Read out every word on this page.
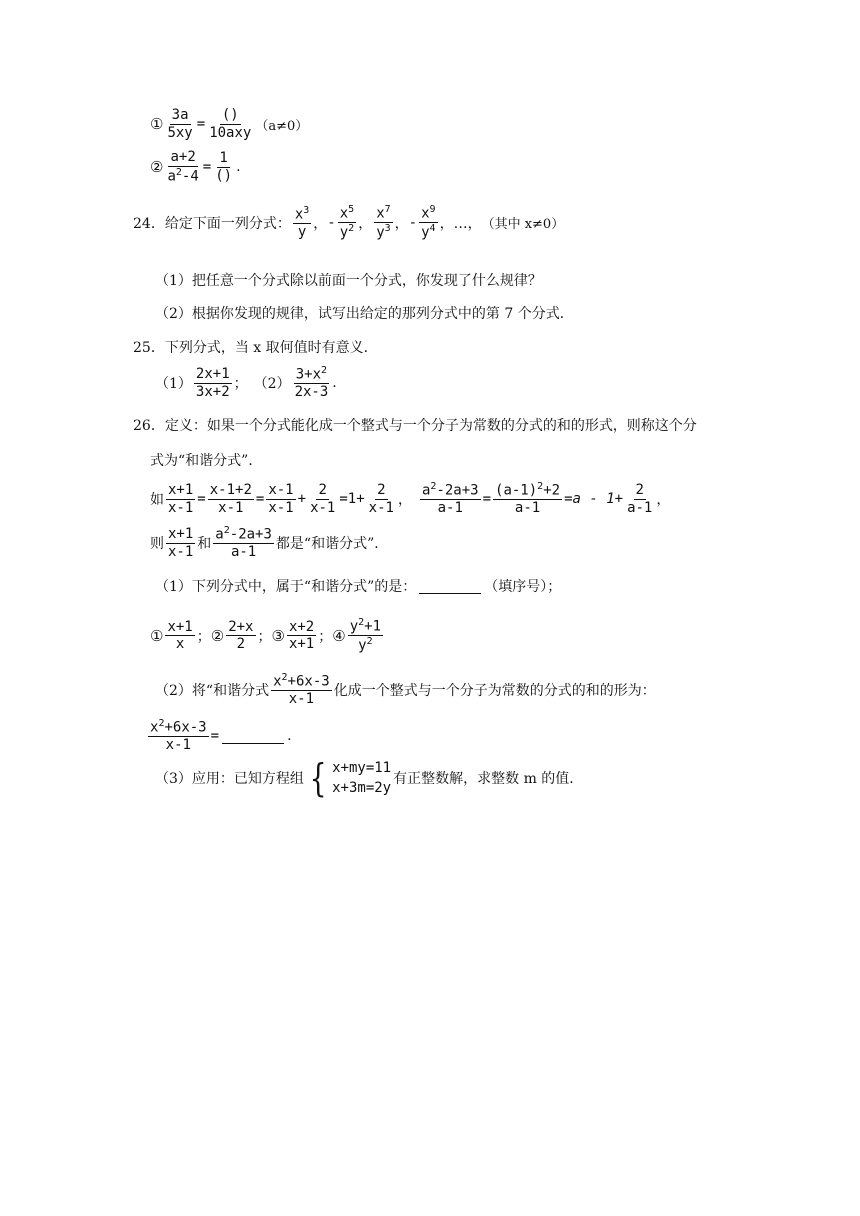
① $\frac{3a}{5xy} = \frac{()}{\text{10axy}} (a\ne 0)$
② $\frac{a+2}{a^2-4} = \frac{1}{()}$ .
24．给定下面一列分式： $\frac{x^3}{y}$ ， - $\frac{x^5}{y^2}$ ， $\frac{x^7}{y^3}$ ， - $\frac{x^9}{y^4}$ ， …， （其中 x≠0）
（1）把任意一个分式除以前面一个分式，你发现了什么规律？
（2）根据你发现的规律，试写出给定的那列分式中的第 7 个分式．
25．下列分式，当 x 取何值时有意义．
$(1) \frac{2x+1}{3x+2}$ ； $(2) \frac{3+x^2}{2x-3}$ .
26．定义：如果一个分式能化成一个整式与一个分子为常数的分式的和的形式，则称这个分
式为“和谐分式”．
如 $\frac{x+1}{x-1} = \frac{x-1+2}{x-1} = \frac{x-1}{x-1} + \frac{2}{x-1} =1+ \frac{2}{x-1}$ ， $\frac{a^2-2a+3}{a-1} = \frac{(a-1)^2+2}{a-1} =a - 1+ \frac{2}{a-1}$ ，
则 $\frac{x+1}{x-1}$ 和 $\frac{a^2-2a+3}{a-1}$ 都是“和谐分式”．
（1）下列分式中，属于“和谐分式”的是：	（填序号）；
① $\frac{x+1}{x}$ ； ② $\frac{2+x}{2}$ ； ③ $\frac{x+2}{x+1}$ ； ④ $\frac{y^2+1}{y^2}$
（2）将“和谐分式 $\frac{x^2+6x-3}{x-1}$ 化成一个整式与一个分子为常数的分式的和的形为：
$\frac{x^2+6x-3}{x-1}$ =	.
（3）应用：已知方程组 { x+my=11
x+3m=2y
有正整数解，求整数 m 的值．
